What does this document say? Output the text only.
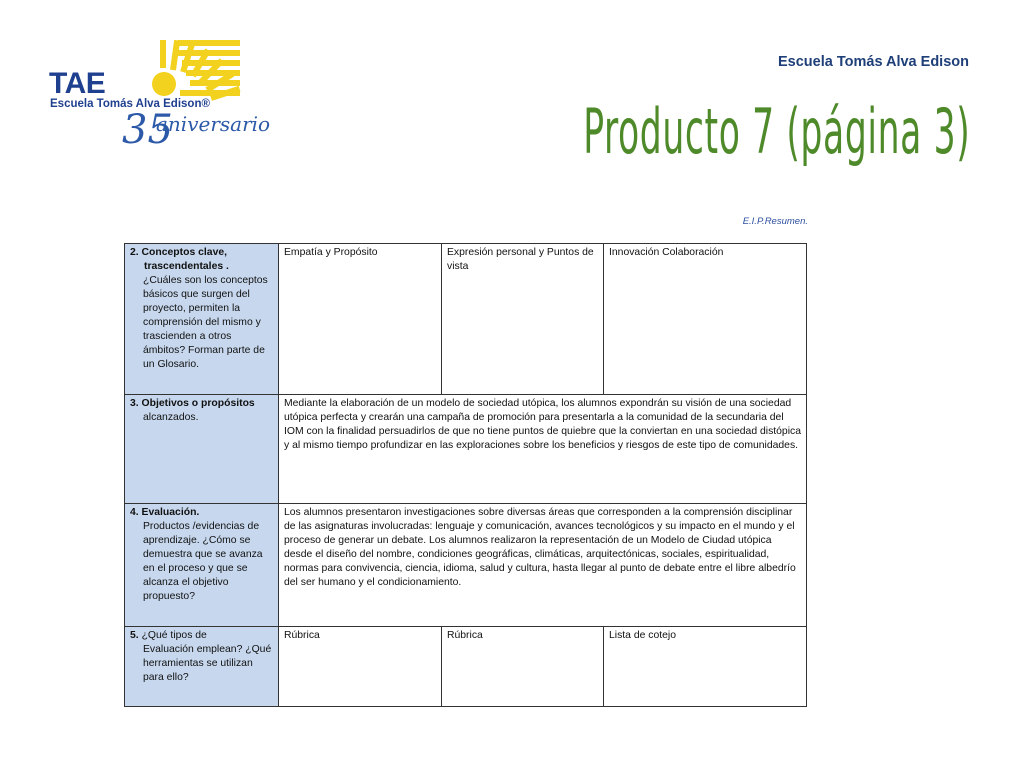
TAE
Escuela Tomás Alva Edison®
35
aniversario
Escuela Tomás Alva Edison
Producto 7 (página 3)
E.I.P.Resumen.
2. Conceptos clave,
trascendentales .
¿Cuáles son los conceptos básicos que surgen del proyecto, permiten la comprensión del mismo y trascienden a otros ámbitos? Forman parte de un Glosario.	Empatía y Propósito	Expresión personal y Puntos de vista	Innovación Colaboración

3. Objetivos o propósitos
alcanzados.	Mediante la elaboración de un modelo de sociedad utópica, los alumnos expondrán su visión de una sociedad utópica perfecta y crearán una campaña de promoción para presentarla a la comunidad de la secundaria del IOM con la finalidad persuadirlos de que no tiene puntos de quiebre que la conviertan en una sociedad distópica y al mismo tiempo profundizar en las exploraciones sobre los beneficios y riesgos de este tipo de comunidades.		

4. Evaluación.
Productos /evidencias de aprendizaje. ¿Cómo se demuestra que se avanza en el proceso y que se alcanza el objetivo propuesto?	Los alumnos presentaron investigaciones sobre diversas áreas que corresponden a la comprensión disciplinar de las asignaturas involucradas: lenguaje y comunicación, avances tecnológicos y su impacto en el mundo y el proceso de generar un debate. Los alumnos realizaron la representación de un Modelo de Ciudad utópica desde el diseño del nombre, condiciones geográficas, climáticas, arquitectónicas, sociales, espiritualidad, normas para convivencia, ciencia, idioma, salud y cultura, hasta llegar al punto de debate entre el libre albedrío del ser humano y el condicionamiento.		
5. ¿Qué tipos de
Evaluación emplean? ¿Qué herramientas se utilizan para ello?	Rúbrica	Rúbrica	Lista de cotejo
